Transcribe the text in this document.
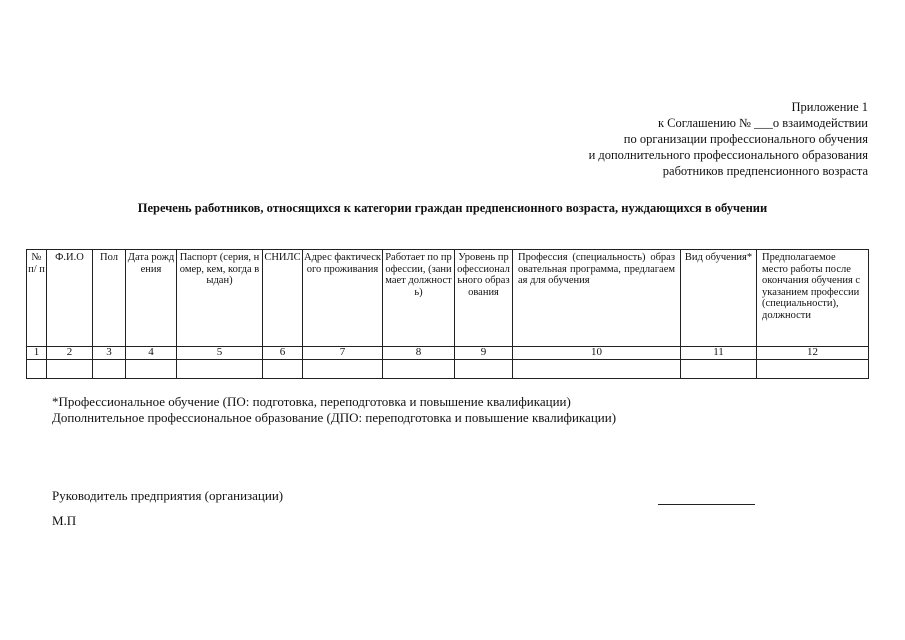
Приложение 1
к Соглашению № ___о взаимодействии
по организации профессионального обучения
и дополнительного профессионального образования
работников предпенсионного возраста
Перечень работников, относящихся к категории граждан предпенсионного возраста, нуждающихся в обучении
№ п/ п	Ф.И.О	Пол	Дата рождения	Паспорт (серия, номер, кем, когда выдан)	СНИЛС	Адрес фактического проживания	Работает по профессии, (занимает должность)	Уровень профессионального образования	Профессия (специальность) образовательная программа, предлагаемая для обучения	Вид обучения*	Предполагаемое место работы после окончания обучения с указанием профессии (специальности), должности
1	2	3	4	5	6	7	8	9	10	11	12

*Профессиональное обучение (ПО: подготовка, переподготовка и повышение квалификации)
Дополнительное профессиональное образование (ДПО: переподготовка и повышение квалификации)
Руководитель предприятия (организации)
М.П
